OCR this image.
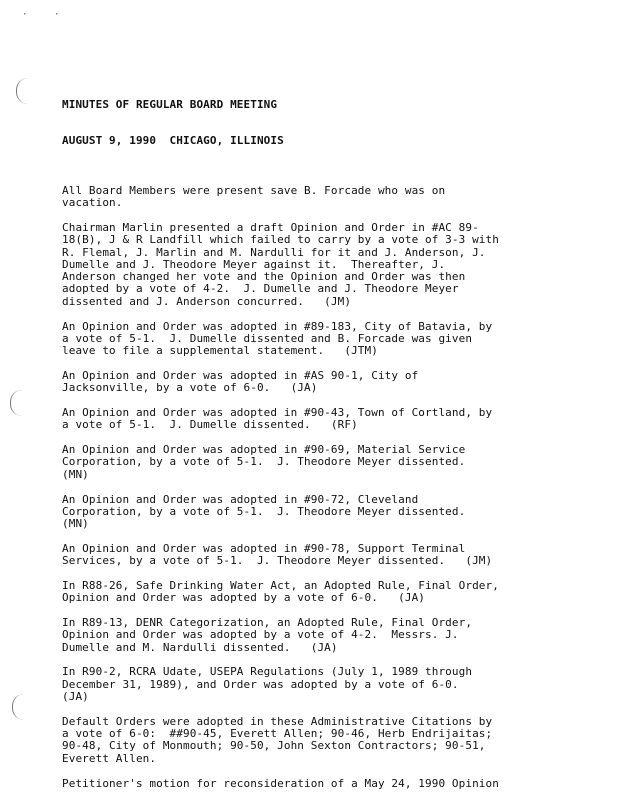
·	·

MINUTES OF REGULAR BOARD MEETING

AUGUST 9, 1990  CHICAGO, ILLINOIS

All Board Members were present save B. Forcade who was on
vacation.
Chairman Marlin presented a draft Opinion and Order in #AC 89-
18(B), J & R Landfill which failed to carry by a vote of 3-3 with
R. Flemal, J. Marlin and M. Nardulli for it and J. Anderson, J.
Dumelle and J. Theodore Meyer against it.  Thereafter, J.
Anderson changed her vote and the Opinion and Order was then
adopted by a vote of 4-2.  J. Dumelle and J. Theodore Meyer
dissented and J. Anderson concurred.   (JM)
An Opinion and Order was adopted in #89-183, City of Batavia, by
a vote of 5-1.  J. Dumelle dissented and B. Forcade was given
leave to file a supplemental statement.   (JTM)
An Opinion and Order was adopted in #AS 90-1, City of
Jacksonville, by a vote of 6-0.   (JA)
An Opinion and Order was adopted in #90-43, Town of Cortland, by
a vote of 5-1.  J. Dumelle dissented.   (RF)
An Opinion and Order was adopted in #90-69, Material Service
Corporation, by a vote of 5-1.  J. Theodore Meyer dissented.
(MN)
An Opinion and Order was adopted in #90-72, Cleveland
Corporation, by a vote of 5-1.  J. Theodore Meyer dissented.
(MN)
An Opinion and Order was adopted in #90-78, Support Terminal
Services, by a vote of 5-1.  J. Theodore Meyer dissented.   (JM)
In R88-26, Safe Drinking Water Act, an Adopted Rule, Final Order,
Opinion and Order was adopted by a vote of 6-0.   (JA)
In R89-13, DENR Categorization, an Adopted Rule, Final Order,
Opinion and Order was adopted by a vote of 4-2.  Messrs. J.
Dumelle and M. Nardulli dissented.   (JA)
In R90-2, RCRA Udate, USEPA Regulations (July 1, 1989 through
December 31, 1989), and Order was adopted by a vote of 6-0.
(JA)
Default Orders were adopted in these Administrative Citations by
a vote of 6-0:  ##90-45, Everett Allen; 90-46, Herb Endrijaitas;
90-48, City of Monmouth; 90-50, John Sexton Contractors; 90-51,
Everett Allen.
Petitioner's motion for reconsideration of a May 24, 1990 Opinion
